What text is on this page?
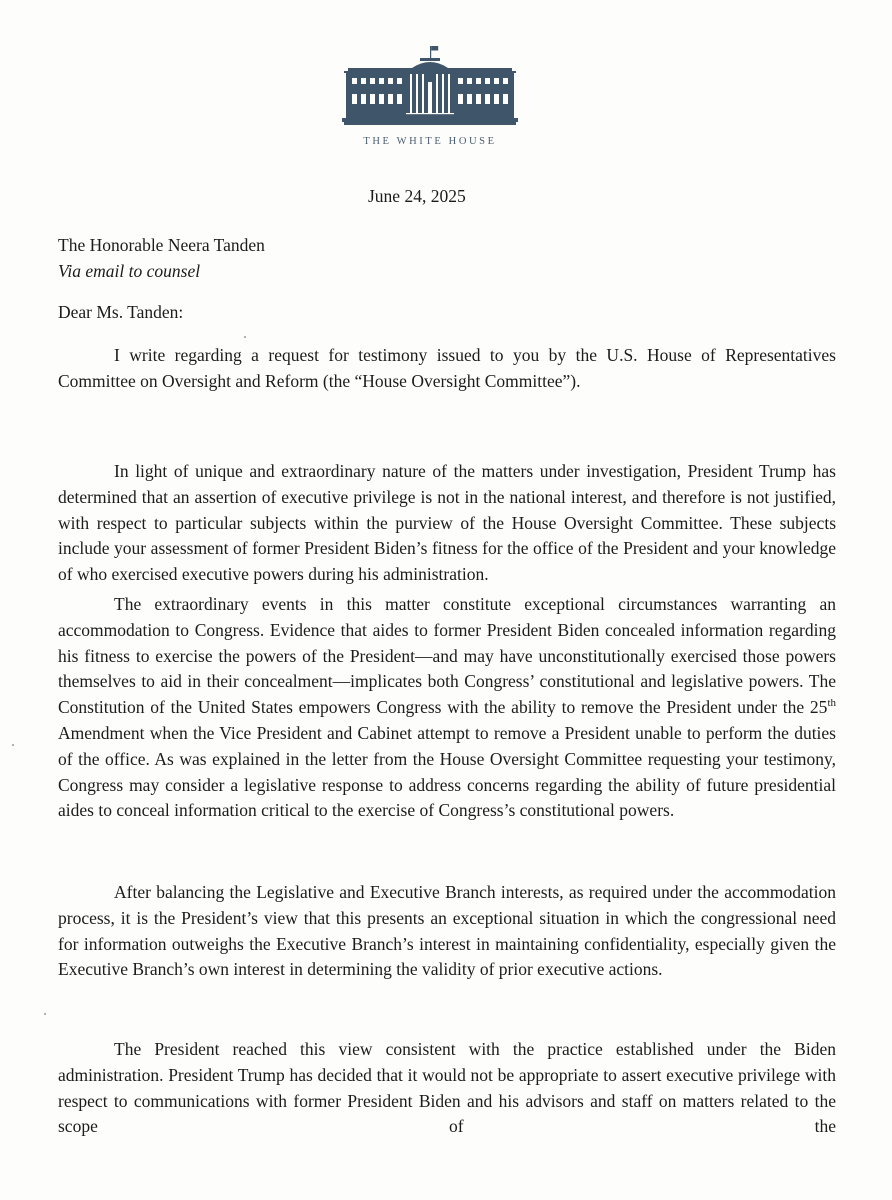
THE WHITE HOUSE
June 24, 2025
The Honorable Neera Tanden
Via email to counsel
Dear Ms. Tanden:

I write regarding a request for testimony issued to you by the U.S. House of Representatives Committee on Oversight and Reform (the “House Oversight Committee”).

In light of unique and extraordinary nature of the matters under investigation, President Trump has determined that an assertion of executive privilege is not in the national interest, and therefore is not justified, with respect to particular subjects within the purview of the House Oversight Committee. These subjects include your assessment of former President Biden’s fitness for the office of the President and your knowledge of who exercised executive powers during his administration.

The extraordinary events in this matter constitute exceptional circumstances warranting an accommodation to Congress. Evidence that aides to former President Biden concealed information regarding his fitness to exercise the powers of the President—and may have unconstitutionally exercised those powers themselves to aid in their concealment—implicates both Congress’ constitutional and legislative powers. The Constitution of the United States empowers Congress with the ability to remove the President under the 25th Amendment when the Vice President and Cabinet attempt to remove a President unable to perform the duties of the office. As was explained in the letter from the House Oversight Committee requesting your testimony, Congress may consider a legislative response to address concerns regarding the ability of future presidential aides to conceal information critical to the exercise of Congress’s constitutional powers.

After balancing the Legislative and Executive Branch interests, as required under the accommodation process, it is the President’s view that this presents an exceptional situation in which the congressional need for information outweighs the Executive Branch’s interest in maintaining confidentiality, especially given the Executive Branch’s own interest in determining the validity of prior executive actions.

The President reached this view consistent with the practice established under the Biden administration. President Trump has decided that it would not be appropriate to assert executive privilege with respect to communications with former President Biden and his advisors and staff on matters related to the scope of the
